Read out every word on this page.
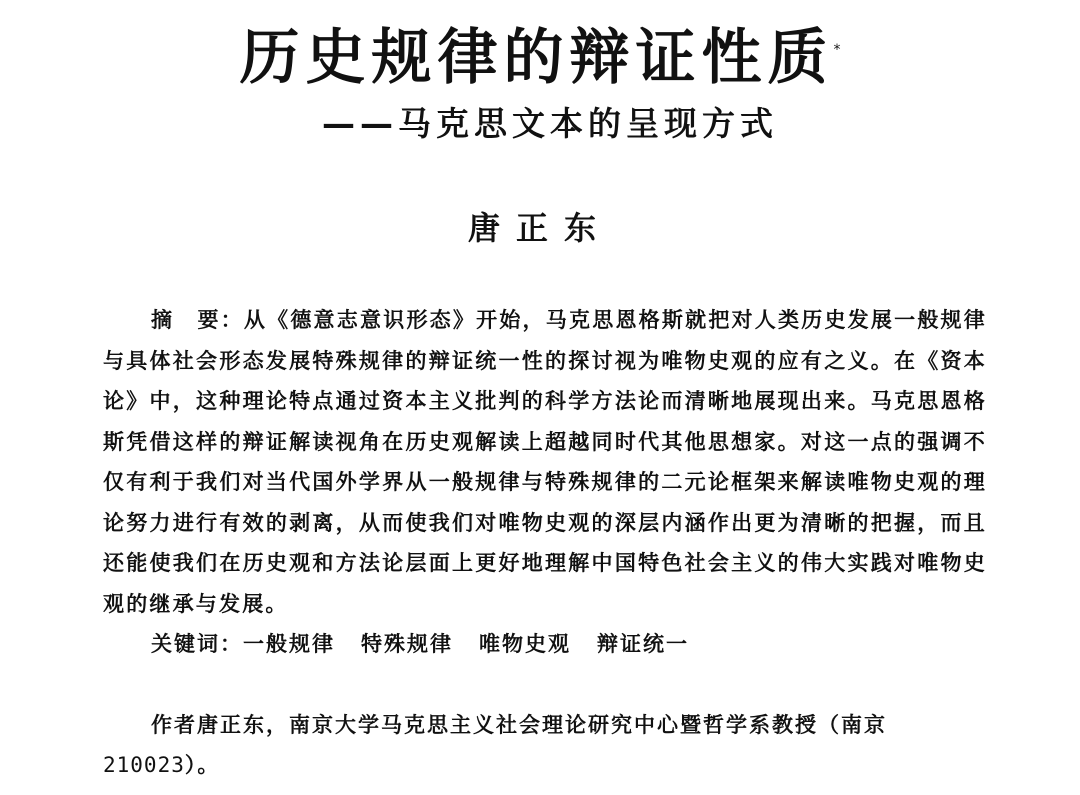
历史规律的辩证性质*
——马克思文本的呈现方式
唐正东

摘　要：从《德意志意识形态》开始，马克思恩格斯就把对人类历史发展一般规律与具体社会形态发展特殊规律的辩证统一性的探讨视为唯物史观的应有之义。在《资本论》中，这种理论特点通过资本主义批判的科学方法论而清晰地展现出来。马克思恩格斯凭借这样的辩证解读视角在历史观解读上超越同时代其他思想家。对这一点的强调不仅有利于我们对当代国外学界从一般规律与特殊规律的二元论框架来解读唯物史观的理论努力进行有效的剥离，从而使我们对唯物史观的深层内涵作出更为清晰的把握，而且还能使我们在历史观和方法论层面上更好地理解中国特色社会主义的伟大实践对唯物史观的继承与发展。

关键词：一般规律 特殊规律 唯物史观 辩证统一

作者唐正东，南京大学马克思主义社会理论研究中心暨哲学系教授（南京210023）。
